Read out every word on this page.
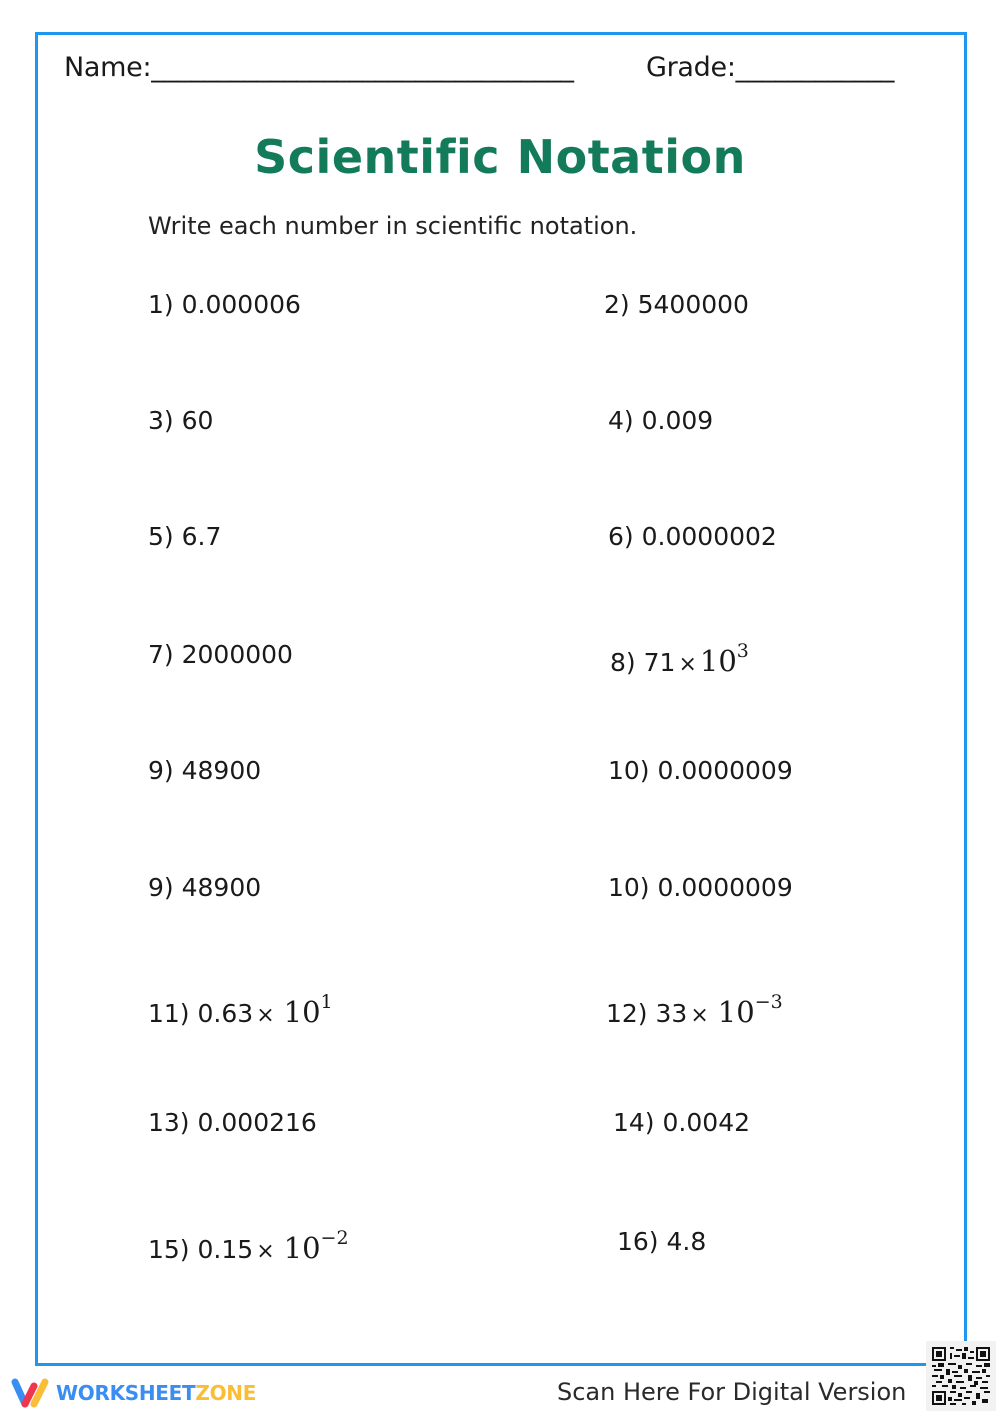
Name:________________________________	Grade:____________
Scientific Notation
Write each number in scientific notation.
1) 0.000006
3) 60
5) 6.7
7) 2000000
9) 48900
9) 48900
11) $0.63 \times 10^1$
13) 0.000216
15) $0.15 \times 10^{-2}$
2) 5400000
4) 0.009
6) 0.0000002
8) $71 \times 10^3$
10) 0.0000009
10) 0.0000009
12) $33 \times 10^{-3}$
14) 0.0042
16) 4.8
WORKSHEETZONE	Scan Here For Digital Version
